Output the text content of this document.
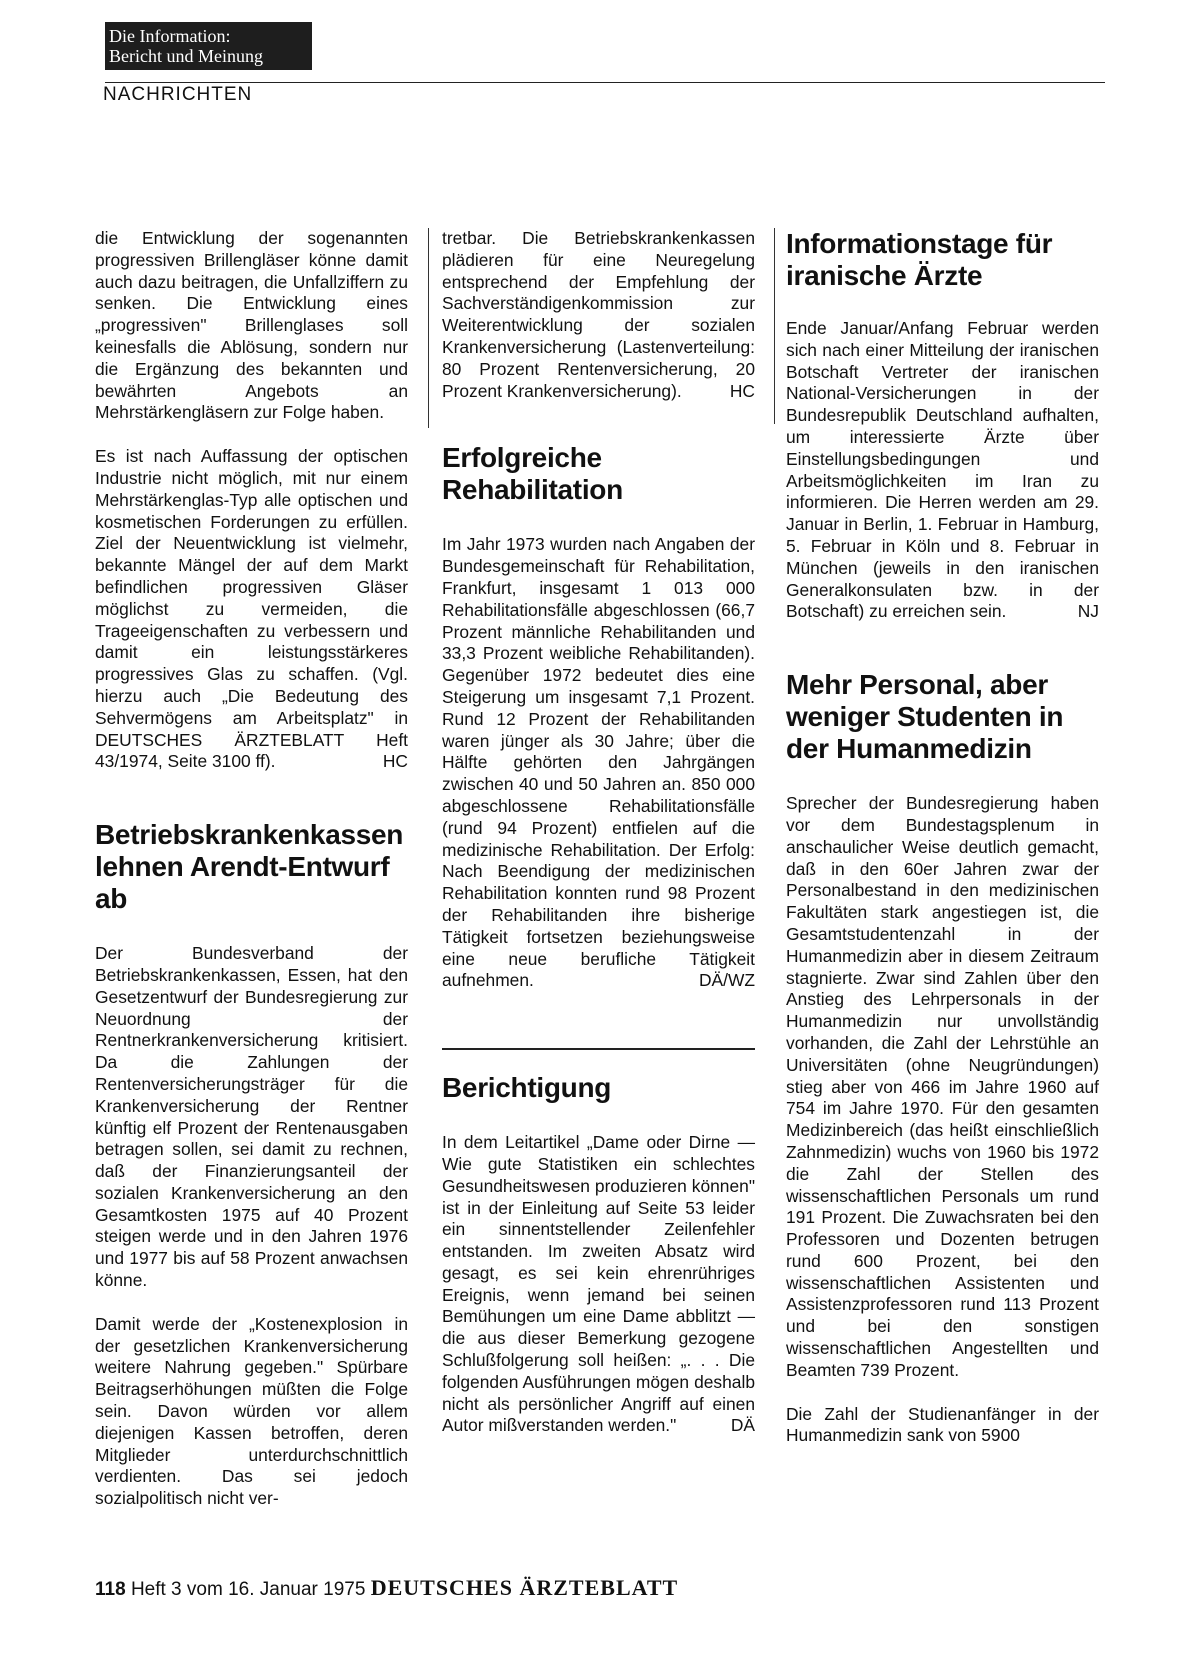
Die Information:
Bericht und Meinung
NACHRICHTEN

die Entwicklung der sogenannten progressiven Brillengläser könne damit auch dazu beitragen, die Unfallziffern zu senken. Die Entwicklung eines „progressiven" Brillenglases soll keinesfalls die Ablösung, sondern nur die Ergänzung des bekannten und bewährten Angebots an Mehrstärkengläsern zur Folge haben.

Es ist nach Auffassung der optischen Industrie nicht möglich, mit nur einem Mehrstärkenglas-Typ alle optischen und kosmetischen Forderungen zu erfüllen. Ziel der Neuentwicklung ist vielmehr, bekannte Mängel der auf dem Markt befindlichen progressiven Gläser möglichst zu vermeiden, die Trageeigenschaften zu verbessern und damit ein leistungsstärkeres progressives Glas zu schaffen. (Vgl. hierzu auch „Die Bedeutung des Sehvermögens am Arbeitsplatz" in DEUTSCHES ÄRZTEBLATT Heft 43/1974, Seite 3100 ff).	HC

Betriebskrankenkassen lehnen Arendt-Entwurf ab

Der Bundesverband der Betriebskrankenkassen, Essen, hat den Gesetzentwurf der Bundesregierung zur Neuordnung der Rentnerkrankenversicherung kritisiert. Da die Zahlungen der Rentenversicherungsträger für die Krankenversicherung der Rentner künftig elf Prozent der Rentenausgaben betragen sollen, sei damit zu rechnen, daß der Finanzierungsanteil der sozialen Krankenversicherung an den Gesamtkosten 1975 auf 40 Prozent steigen werde und in den Jahren 1976 und 1977 bis auf 58 Prozent anwachsen könne.

Damit werde der „Kostenexplosion in der gesetzlichen Krankenversicherung weitere Nahrung gegeben." Spürbare Beitragserhöhungen müßten die Folge sein. Davon würden vor allem diejenigen Kassen betroffen, deren Mitglieder unterdurchschnittlich verdienten. Das sei jedoch sozialpolitisch nicht ver-

tretbar. Die Betriebskrankenkassen plädieren für eine Neuregelung entsprechend der Empfehlung der Sachverständigenkommission zur Weiterentwicklung der sozialen Krankenversicherung (Lastenverteilung: 80 Prozent Rentenversicherung, 20 Prozent Krankenversicherung).	HC

Erfolgreiche Rehabilitation

Im Jahr 1973 wurden nach Angaben der Bundesgemeinschaft für Rehabilitation, Frankfurt, insgesamt 1 013 000 Rehabilitationsfälle abgeschlossen (66,7 Prozent männliche Rehabilitanden und 33,3 Prozent weibliche Rehabilitanden). Gegenüber 1972 bedeutet dies eine Steigerung um insgesamt 7,1 Prozent. Rund 12 Prozent der Rehabilitanden waren jünger als 30 Jahre; über die Hälfte gehörten den Jahrgängen zwischen 40 und 50 Jahren an. 850 000 abgeschlossene Rehabilitationsfälle (rund 94 Prozent) entfielen auf die medizinische Rehabilitation. Der Erfolg: Nach Beendigung der medizinischen Rehabilitation konnten rund 98 Prozent der Rehabilitanden ihre bisherige Tätigkeit fortsetzen beziehungsweise eine neue berufliche Tätigkeit aufnehmen.	DÄ/WZ

Berichtigung

In dem Leitartikel „Dame oder Dirne — Wie gute Statistiken ein schlechtes Gesundheitswesen produzieren können" ist in der Einleitung auf Seite 53 leider ein sinnentstellender Zeilenfehler entstanden. Im zweiten Absatz wird gesagt, es sei kein ehrenrühriges Ereignis, wenn jemand bei seinen Bemühungen um eine Dame abblitzt — die aus dieser Bemerkung gezogene Schlußfolgerung soll heißen: „. . . Die folgenden Ausführungen mögen deshalb nicht als persönlicher Angriff auf einen Autor mißverstanden werden."	DÄ

Informationstage für iranische Ärzte

Ende Januar/Anfang Februar werden sich nach einer Mitteilung der iranischen Botschaft Vertreter der iranischen National-Versicherungen in der Bundesrepublik Deutschland aufhalten, um interessierte Ärzte über Einstellungsbedingungen und Arbeitsmöglichkeiten im Iran zu informieren. Die Herren werden am 29. Januar in Berlin, 1. Februar in Hamburg, 5. Februar in Köln und 8. Februar in München (jeweils in den iranischen Generalkonsulaten bzw. in der Botschaft) zu erreichen sein.	NJ

Mehr Personal, aber weniger Studenten in der Humanmedizin

Sprecher der Bundesregierung haben vor dem Bundestagsplenum in anschaulicher Weise deutlich gemacht, daß in den 60er Jahren zwar der Personalbestand in den medizinischen Fakultäten stark angestiegen ist, die Gesamtstudentenzahl in der Humanmedizin aber in diesem Zeitraum stagnierte. Zwar sind Zahlen über den Anstieg des Lehrpersonals in der Humanmedizin nur unvollständig vorhanden, die Zahl der Lehrstühle an Universitäten (ohne Neugründungen) stieg aber von 466 im Jahre 1960 auf 754 im Jahre 1970. Für den gesamten Medizinbereich (das heißt einschließlich Zahnmedizin) wuchs von 1960 bis 1972 die Zahl der Stellen des wissenschaftlichen Personals um rund 191 Prozent. Die Zuwachsraten bei den Professoren und Dozenten betrugen rund 600 Prozent, bei den wissenschaftlichen Assistenten und Assistenzprofessoren rund 113 Prozent und bei den sonstigen wissenschaftlichen Angestellten und Beamten 739 Prozent.

Die Zahl der Studienanfänger in der Humanmedizin sank von 5900

118 Heft 3 vom 16. Januar 1975 DEUTSCHES ÄRZTEBLATT
